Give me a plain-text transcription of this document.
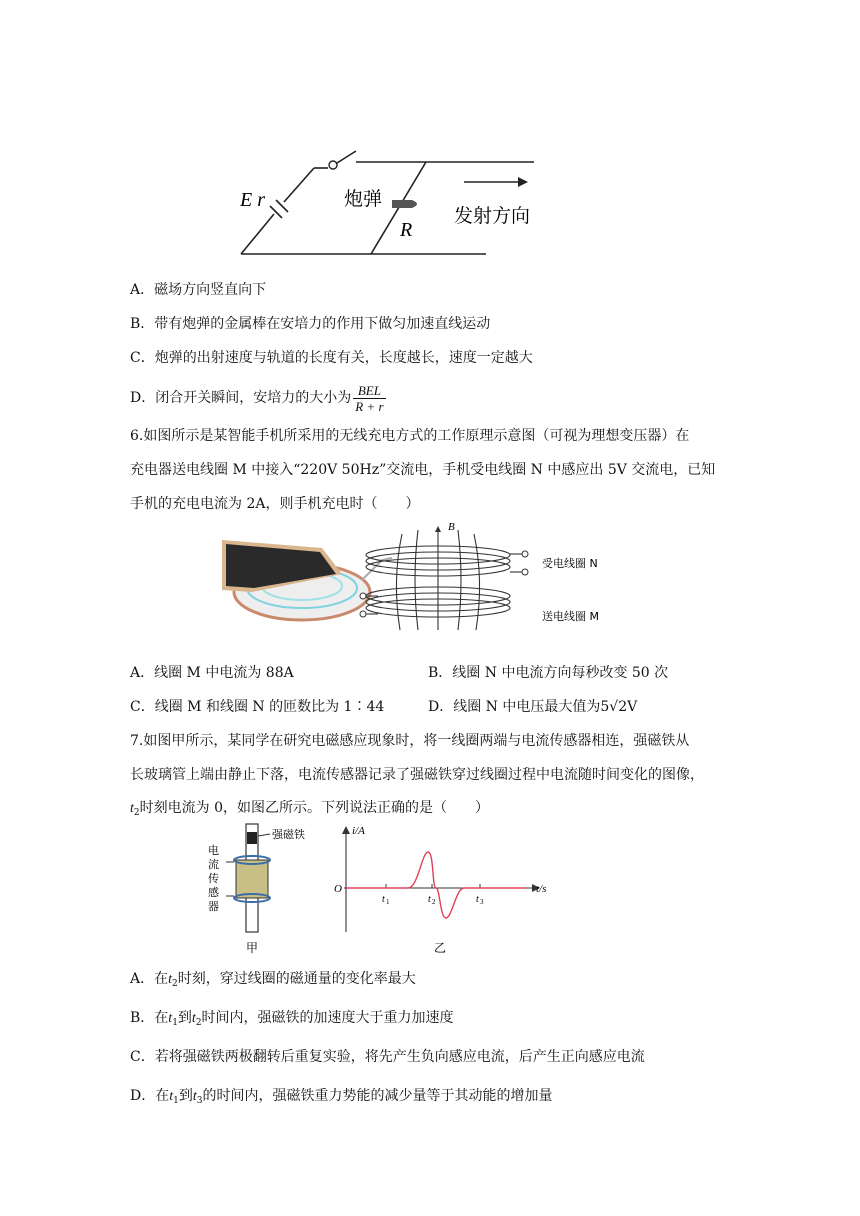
E r	炮弹
R
发射方向
A．磁场方向竖直向下
B．带有炮弹的金属棒在安培力的作用下做匀加速直线运动
C．炮弹的出射速度与轨道的长度有关，长度越长，速度一定越大
D．闭合开关瞬间，安培力的大小为 $\frac{\text{BEL}}{R + r}$
6.如图所示是某智能手机所采用的无线充电方式的工作原理示意图（可视为理想变压器）在
充电器送电线圈 M 中接入“220V 50Hz”交流电，手机受电线圈 N 中感应出 5V 交流电，已知
手机的充电电流为 2A，则手机充电时（　　）
B
受电线圈 N
送电线圈 M
A．线圈 M 中电流为 88A	B．线圈 N 中电流方向每秒改变 50 次
C．线圈 M 和线圈 N 的匝数比为 1∶44	D．线圈 N 中电压最大值为5√2V
7.如图甲所示，某同学在研究电磁感应现象时，将一线圈两端与电流传感器相连，强磁铁从
长玻璃管上端由静止下落，电流传感器记录了强磁铁穿过线圈过程中电流随时间变化的图像，
$t_2$时刻电流为 0，如图乙所示。下列说法正确的是（　　）
强磁铁
电
流
传
感
器
甲
i/A
t/s
O
t 1	t 2	t 3
乙
A．在$t_2$时刻，穿过线圈的磁通量的变化率最大
B．在$t_1$到$t_2$时间内，强磁铁的加速度大于重力加速度
C．若将强磁铁两极翻转后重复实验，将先产生负向感应电流，后产生正向感应电流
D．在$t_1$到$t_3$的时间内，强磁铁重力势能的减少量等于其动能的增加量
